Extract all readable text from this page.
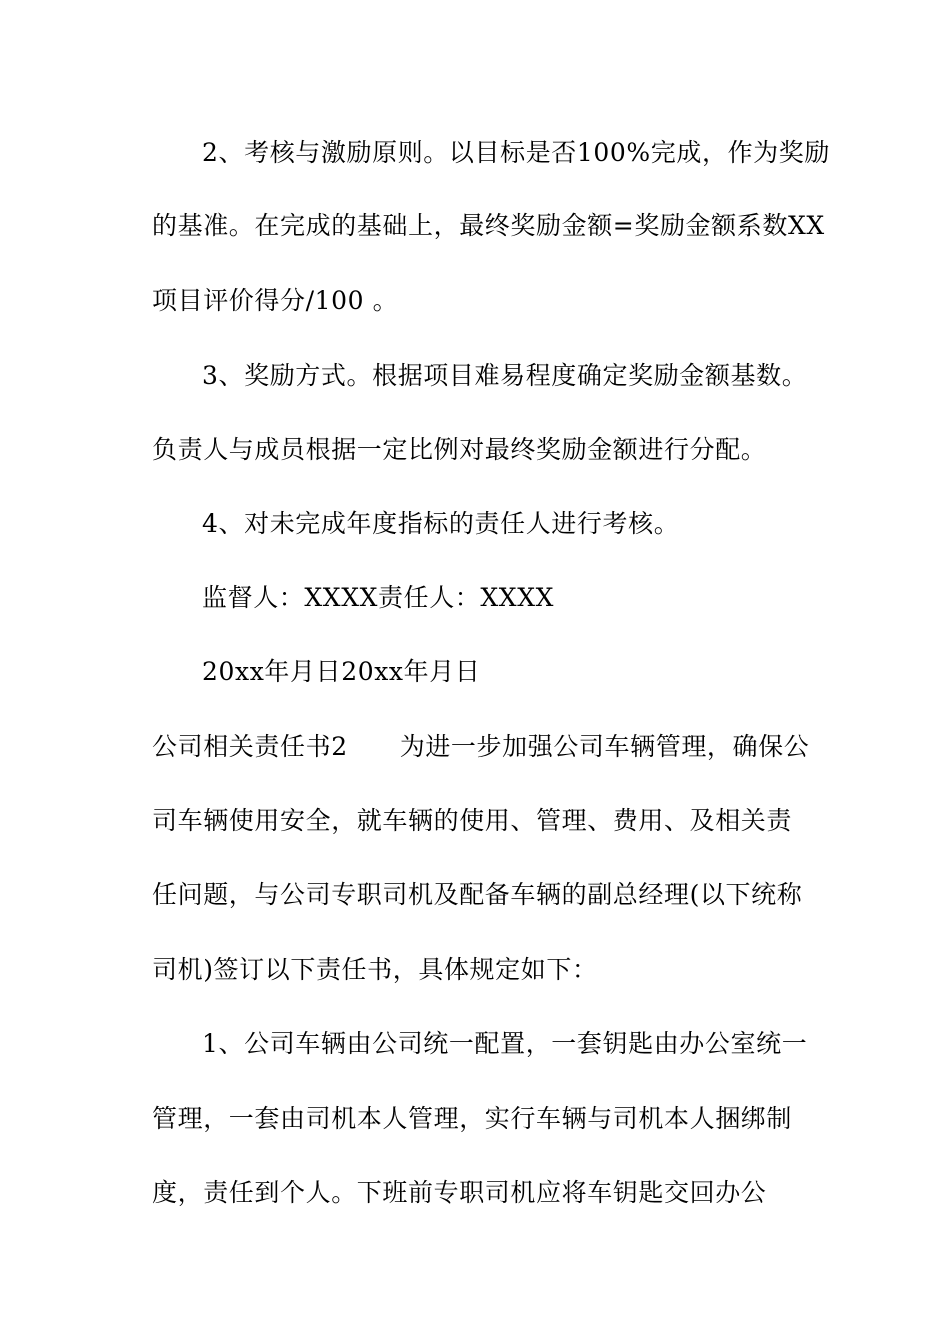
2、考核与激励原则。以目标是否100%完成，作为奖励
的基准。在完成的基础上，最终奖励金额=奖励金额系数XX
项目评价得分/100 。
3、奖励方式。根据项目难易程度确定奖励金额基数。
负责人与成员根据一定比例对最终奖励金额进行分配。
4、对未完成年度指标的责任人进行考核。
监督人：XXXX责任人：XXXX
20xx年月日20xx年月日
公司相关责任书2 为进一步加强公司车辆管理，确保公
司车辆使用安全，就车辆的使用、管理、费用、及相关责
任问题，与公司专职司机及配备车辆的副总经理(以下统称
司机)签订以下责任书，具体规定如下：
1、公司车辆由公司统一配置，一套钥匙由办公室统一
管理，一套由司机本人管理，实行车辆与司机本人捆绑制
度，责任到个人。下班前专职司机应将车钥匙交回办公
